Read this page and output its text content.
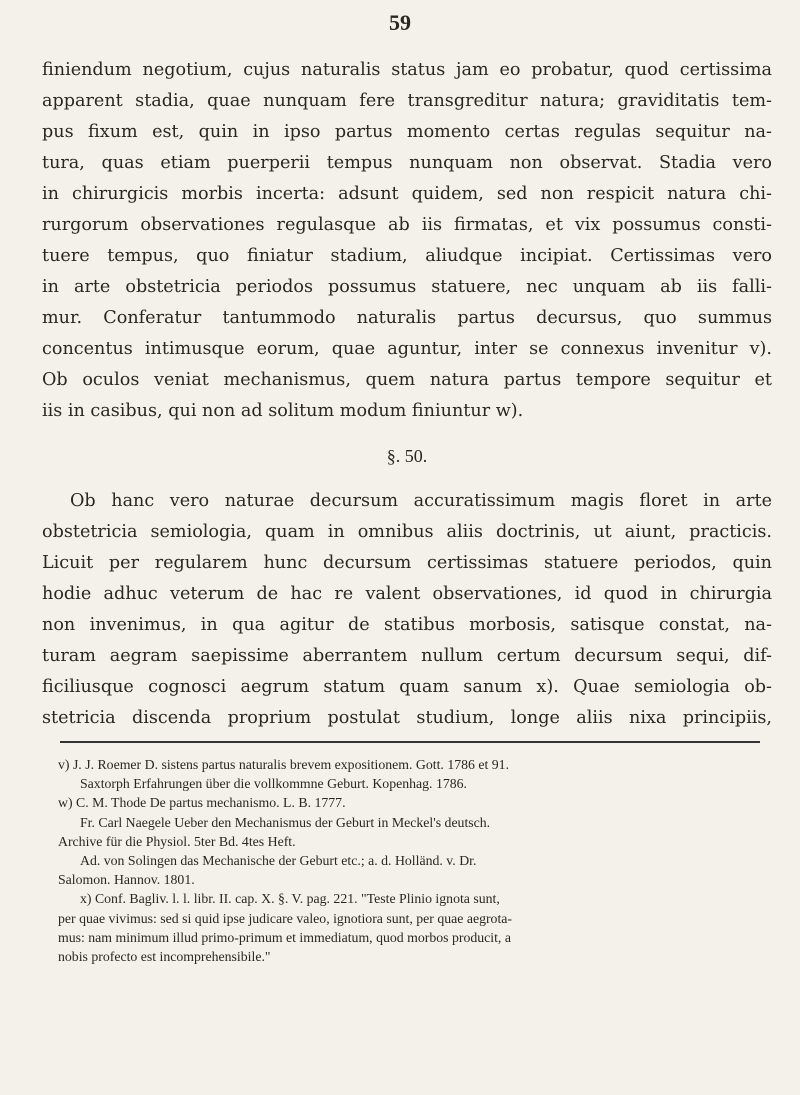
59
finiendum negotium, cujus naturalis status jam eo probatur, quod certissima
apparent stadia, quae nunquam fere transgreditur natura; graviditatis tem-
pus fixum est, quin in ipso partus momento certas regulas sequitur na-
tura, quas etiam puerperii tempus nunquam non observat. Stadia vero
in chirurgicis morbis incerta: adsunt quidem, sed non respicit natura chi-
rurgorum observationes regulasque ab iis firmatas, et vix possumus consti-
tuere tempus, quo finiatur stadium, aliudque incipiat. Certissimas vero
in arte obstetricia periodos possumus statuere, nec unquam ab iis falli-
mur. Conferatur tantummodo naturalis partus decursus, quo summus
concentus intimusque eorum, quae aguntur, inter se connexus invenitur v).
Ob oculos veniat mechanismus, quem natura partus tempore sequitur et
iis in casibus, qui non ad solitum modum finiuntur w).
§. 50.
Ob hanc vero naturae decursum accuratissimum magis floret in arte
obstetricia semiologia, quam in omnibus aliis doctrinis, ut aiunt, practicis.
Licuit per regularem hunc decursum certissimas statuere periodos, quin
hodie adhuc veterum de hac re valent observationes, id quod in chirurgia
non invenimus, in qua agitur de statibus morbosis, satisque constat, na-
turam aegram saepissime aberrantem nullum certum decursum sequi, dif-
ficiliusque cognosci aegrum statum quam sanum x). Quae semiologia ob-
stetricia discenda proprium postulat studium, longe aliis nixa principiis,
v) J. J. Roemer D. sistens partus naturalis brevem expositionem. Gott. 1786 et 91.
Saxtorph Erfahrungen über die vollkommne Geburt. Kopenhag. 1786.
w) C. M. Thode De partus mechanismo. L. B. 1777.
Fr. Carl Naegele Ueber den Mechanismus der Geburt in Meckel's deutsch.
Archive für die Physiol. 5ter Bd. 4tes Heft.
Ad. von Solingen das Mechanische der Geburt etc.; a. d. Holländ. v. Dr.
Salomon. Hannov. 1801.
x) Conf. Bagliv. l. l. libr. II. cap. X. §. V. pag. 221. "Teste Plinio ignota sunt,
per quae vivimus: sed si quid ipse judicare valeo, ignotiora sunt, per quae aegrota-
mus: nam minimum illud primo-primum et immediatum, quod morbos producit, a
nobis profecto est incomprehensibile."
